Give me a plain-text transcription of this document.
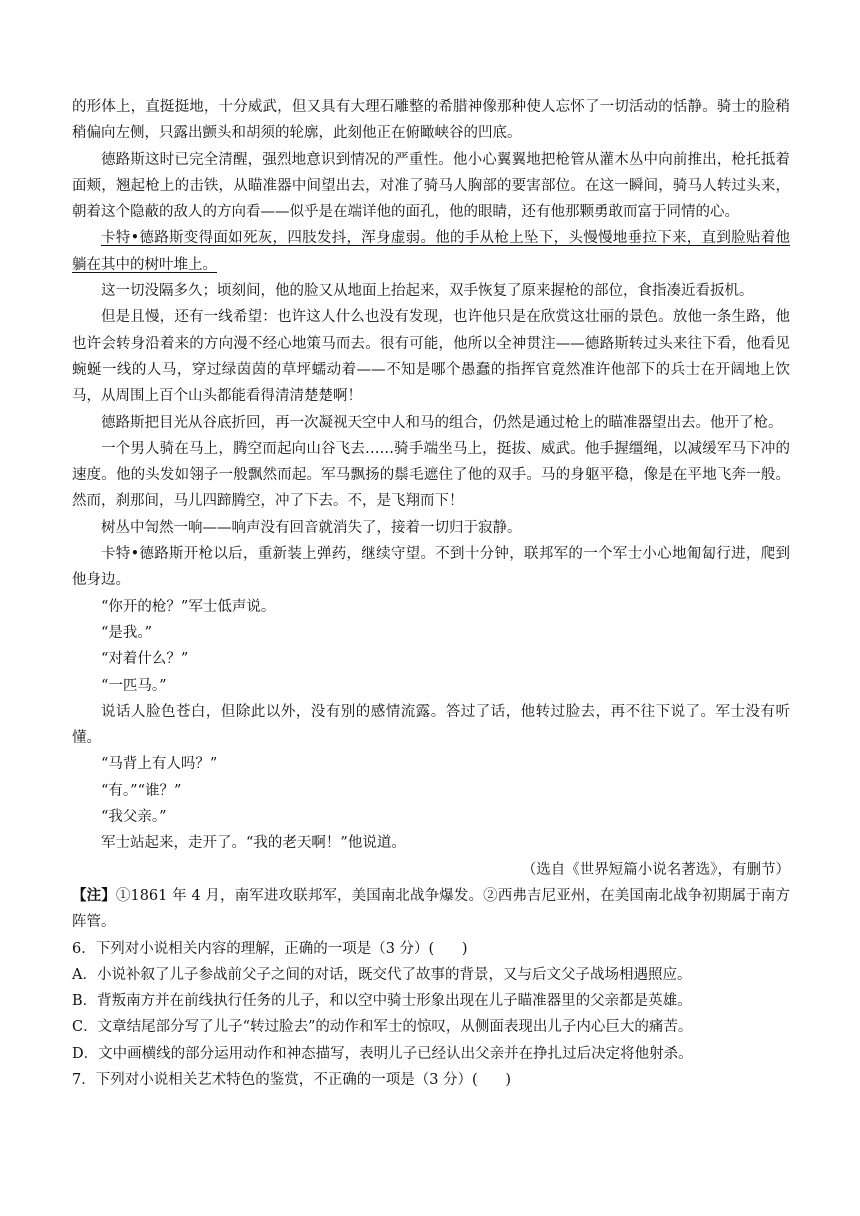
的形体上，直挺挺地，十分威武，但又具有大理石雕整的希腊神像那种使人忘怀了一切活动的恬静。骑士的脸稍稍偏向左侧，只露出颤头和胡须的轮廓，此刻他正在俯瞰峡谷的凹底。

德路斯这时已完全清醒，强烈地意识到情况的严重性。他小心翼翼地把枪管从灌木丛中向前推出，枪托抵着面颊，翘起枪上的击铁，从瞄准器中间望出去，对准了骑马人胸部的要害部位。在这一瞬间，骑马人转过头来，朝着这个隐蔽的敌人的方向看——似乎是在端详他的面孔，他的眼睛，还有他那颗勇敢而富于同情的心。

卡特•德路斯变得面如死灰，四肢发抖，浑身虚弱。他的手从枪上坠下，头慢慢地垂拉下来，直到脸贴着他躺在其中的树叶堆上。

这一切没隔多久；顷刻间，他的脸又从地面上抬起来，双手恢复了原来握枪的部位，食指凑近看扳机。

但是且慢，还有一线希望：也许这人什么也没有发现，也许他只是在欣赏这壮丽的景色。放他一条生路，他也许会转身沿着来的方向漫不经心地策马而去。很有可能，他所以全神贯注——德路斯转过头来往下看，他看见蜿蜒一线的人马，穿过绿茵茵的草坪蠕动着——不知是哪个愚蠢的指挥官竟然准许他部下的兵士在开阔地上饮马，从周围上百个山头都能看得清清楚楚啊！

德路斯把目光从谷底折回，再一次凝视天空中人和马的组合，仍然是通过枪上的瞄准器望出去。他开了枪。

一个男人骑在马上，腾空而起向山谷飞去……骑手端坐马上，挺拔、威武。他手握缰绳，以减缓军马下冲的速度。他的头发如翎子一般飘然而起。军马飘扬的鬃毛遮住了他的双手。马的身躯平稳，像是在平地飞奔一般。然而，刹那间，马儿四蹄腾空，冲了下去。不，是飞翔而下！

树丛中訇然一响——响声没有回音就消失了，接着一切归于寂静。

卡特•德路斯开枪以后，重新装上弹药，继续守望。不到十分钟，联邦军的一个军士小心地匍匐行进，爬到他身边。

“你开的枪？”军士低声说。

“是我。”

“对着什么？”

“一匹马。”

说话人脸色苍白，但除此以外，没有别的感情流露。答过了话，他转过脸去，再不往下说了。军士没有听懂。

“马背上有人吗？”

“有。”“谁？”

“我父亲。”

军士站起来，走开了。“我的老天啊！”他说道。

（选自《世界短篇小说名著选》，有删节）

【注】①1861 年 4 月，南军进攻联邦军，美国南北战争爆发。②西弗吉尼亚州，在美国南北战争初期属于南方阵管。

6．下列对小说相关内容的理解，正确的一项是（3 分）(      )

A．小说补叙了儿子参战前父子之间的对话，既交代了故事的背景，又与后文父子战场相遇照应。

B．背叛南方并在前线执行任务的儿子，和以空中骑士形象出现在儿子瞄准器里的父亲都是英雄。

C．文章结尾部分写了儿子“转过脸去”的动作和军士的惊叹，从侧面表现出儿子内心巨大的痛苦。

D．文中画横线的部分运用动作和神态描写，表明儿子已经认出父亲并在挣扎过后决定将他射杀。

7．下列对小说相关艺术特色的鉴赏，不正确的一项是（3 分）(      )
